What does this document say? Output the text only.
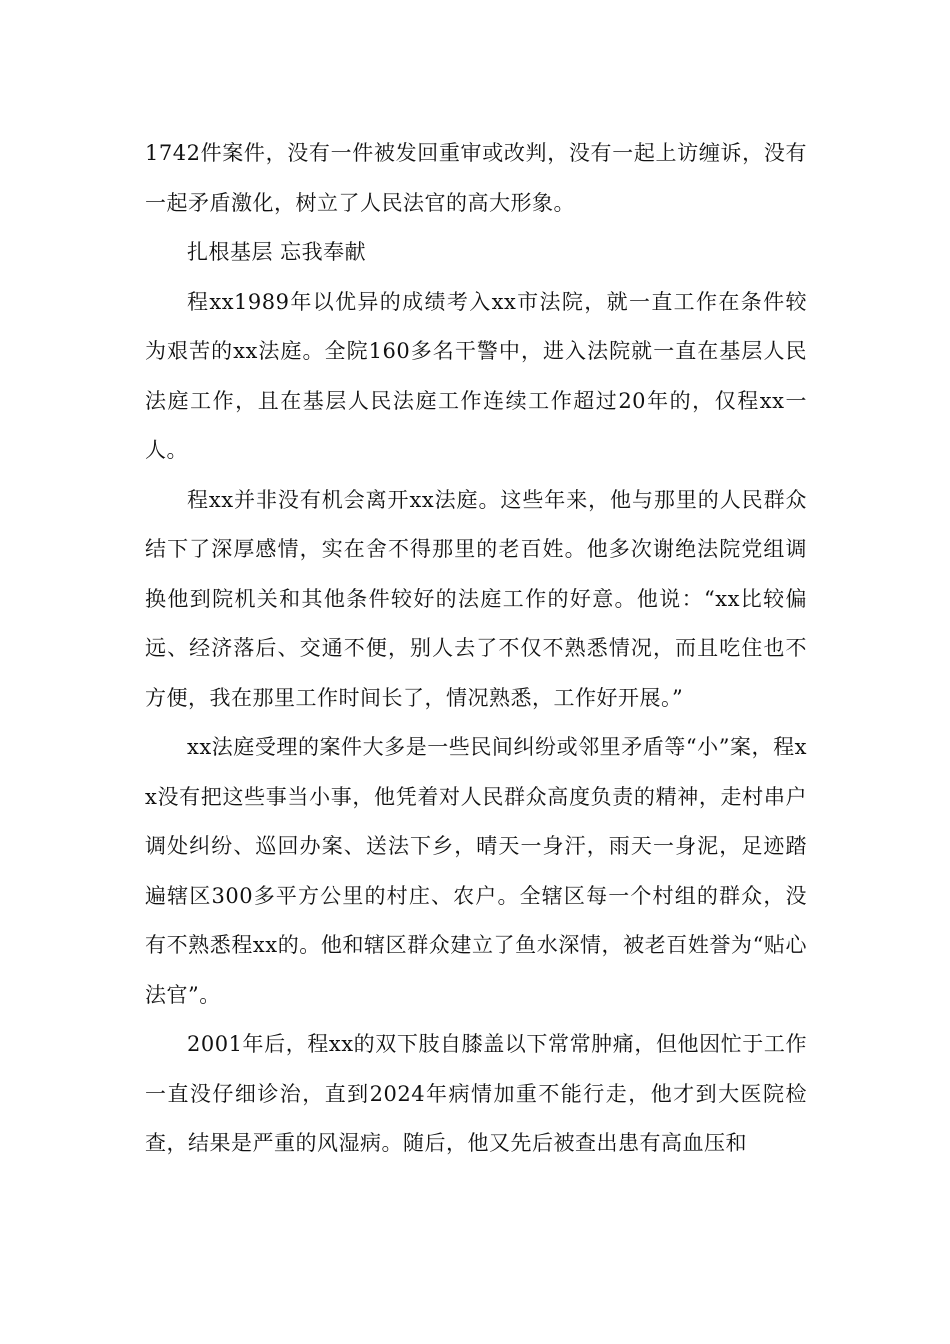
1742件案件，没有一件被发回重审或改判，没有一起上访缠诉，没有一起矛盾激化，树立了人民法官的高大形象。

扎根基层 忘我奉献

程xx1989年以优异的成绩考入xx市法院，就一直工作在条件较为艰苦的xx法庭。全院160多名干警中，进入法院就一直在基层人民法庭工作，且在基层人民法庭工作连续工作超过20年的，仅程xx一人。

程xx并非没有机会离开xx法庭。这些年来，他与那里的人民群众结下了深厚感情，实在舍不得那里的老百姓。他多次谢绝法院党组调换他到院机关和其他条件较好的法庭工作的好意。他说：“xx比较偏远、经济落后、交通不便，别人去了不仅不熟悉情况，而且吃住也不方便，我在那里工作时间长了，情况熟悉，工作好开展。”

xx法庭受理的案件大多是一些民间纠纷或邻里矛盾等“小”案，程xx没有把这些事当小事，他凭着对人民群众高度负责的精神，走村串户调处纠纷、巡回办案、送法下乡，晴天一身汗，雨天一身泥，足迹踏遍辖区300多平方公里的村庄、农户。全辖区每一个村组的群众，没有不熟悉程xx的。他和辖区群众建立了鱼水深情，被老百姓誉为“贴心法官”。

2001年后，程xx的双下肢自膝盖以下常常肿痛，但他因忙于工作一直没仔细诊治，直到2024年病情加重不能行走，他才到大医院检查，结果是严重的风湿病。随后，他又先后被查出患有高血压和
